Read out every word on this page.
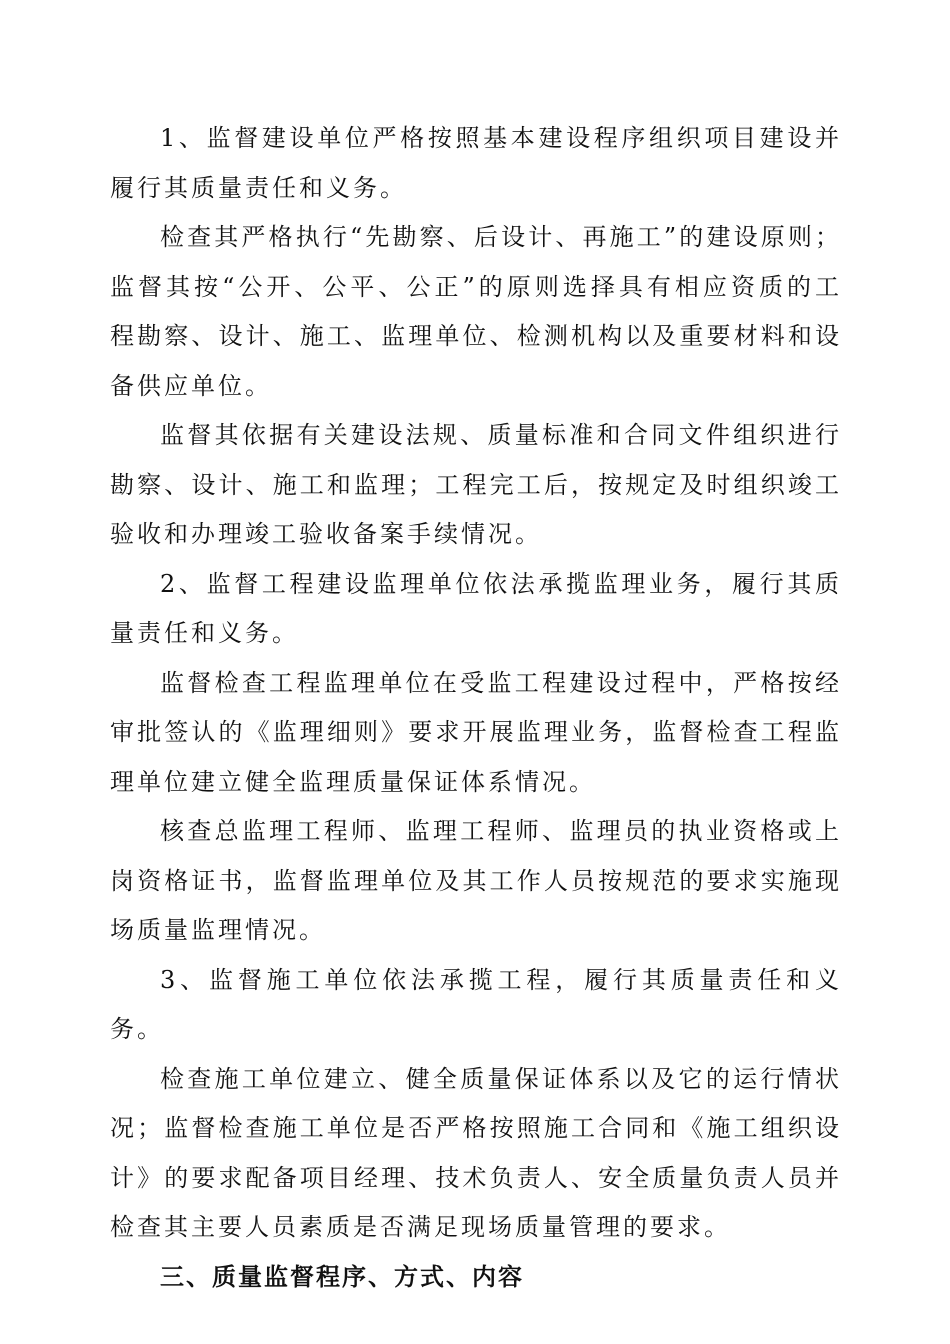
1、监督建设单位严格按照基本建设程序组织项目建设并履行其质量责任和义务。

检查其严格执行“先勘察、后设计、再施工”的建设原则；监督其按“公开、公平、公正”的原则选择具有相应资质的工程勘察、设计、施工、监理单位、检测机构以及重要材料和设备供应单位。

监督其依据有关建设法规、质量标准和合同文件组织进行勘察、设计、施工和监理；工程完工后，按规定及时组织竣工验收和办理竣工验收备案手续情况。

2、监督工程建设监理单位依法承揽监理业务，履行其质量责任和义务。

监督检查工程监理单位在受监工程建设过程中，严格按经审批签认的《监理细则》要求开展监理业务，监督检查工程监理单位建立健全监理质量保证体系情况。

核查总监理工程师、监理工程师、监理员的执业资格或上岗资格证书，监督监理单位及其工作人员按规范的要求实施现场质量监理情况。

3、监督施工单位依法承揽工程，履行其质量责任和义务。

检查施工单位建立、健全质量保证体系以及它的运行情状况；监督检查施工单位是否严格按照施工合同和《施工组织设计》的要求配备项目经理、技术负责人、安全质量负责人员并检查其主要人员素质是否满足现场质量管理的要求。

三、质量监督程序、方式、内容
